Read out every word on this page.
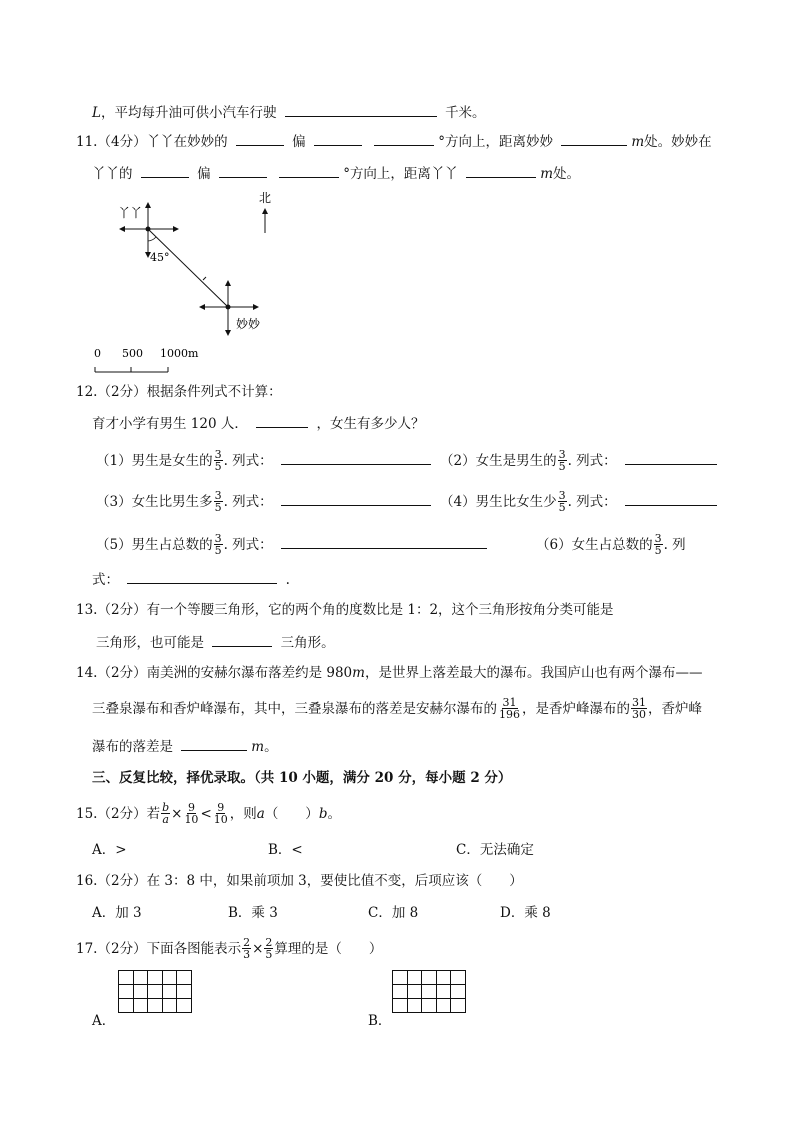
L，平均每升油可供小汽车行驶	千米。
11.（4分）丫丫在妙妙的	偏	°方向上，距离妙妙	m处。妙妙在
丫丫的	偏	°方向上，距离丫丫	m处。
北
丫丫
45°
妙妙
0 500 1000m
12.（2分）根据条件列式不计算：
育才小学有男生 120 人．	，女生有多少人？
（1）男生是女生的 $\frac{3}{5}$ . 列式：	（2）女生是男生的 $\frac{3}{5}$ . 列式：
（3）女生比男生多 $\frac{3}{5}$ . 列式：	（4）男生比女生少 $\frac{3}{5}$ . 列式：
（5）男生占总数的 $\frac{3}{5}$ . 列式：	（6）女生占总数的 $\frac{3}{5}$ . 列
式：	.
13.（2分）有一个等腰三角形，它的两个角的度数比是 1：2，这个三角形按角分类可能是
三角形，也可能是	三角形。
14.（2分）南美洲的安赫尔瀑布落差约是 980m，是世界上落差最大的瀑布。我国庐山也有两个瀑布——
三叠泉瀑布和香炉峰瀑布，其中，三叠泉瀑布的落差是安赫尔瀑布的 $\frac{31}{196}$ ，是香炉峰瀑布的 $\frac{31}{30}$ ，香炉峰
瀑布的落差是	m。
三、反复比较，择优录取。（共 10 小题，满分 20 分，每小题 2 分）
15.（2分）若 $\frac{b}{a} \times \frac{9}{10} < \frac{9}{10}$ ，则a（　　）b。
A．>	B．<	C．无法确定
16.（2分）在 3：8 中，如果前项加 3，要使比值不变，后项应该（　　）
A．加 3	B．乘 3	C．加 8	D．乘 8
17.（2分）下面各图能表示 $\frac{2}{3} \times \frac{2}{5}$ 算理的是（　　）
A．

					B．
